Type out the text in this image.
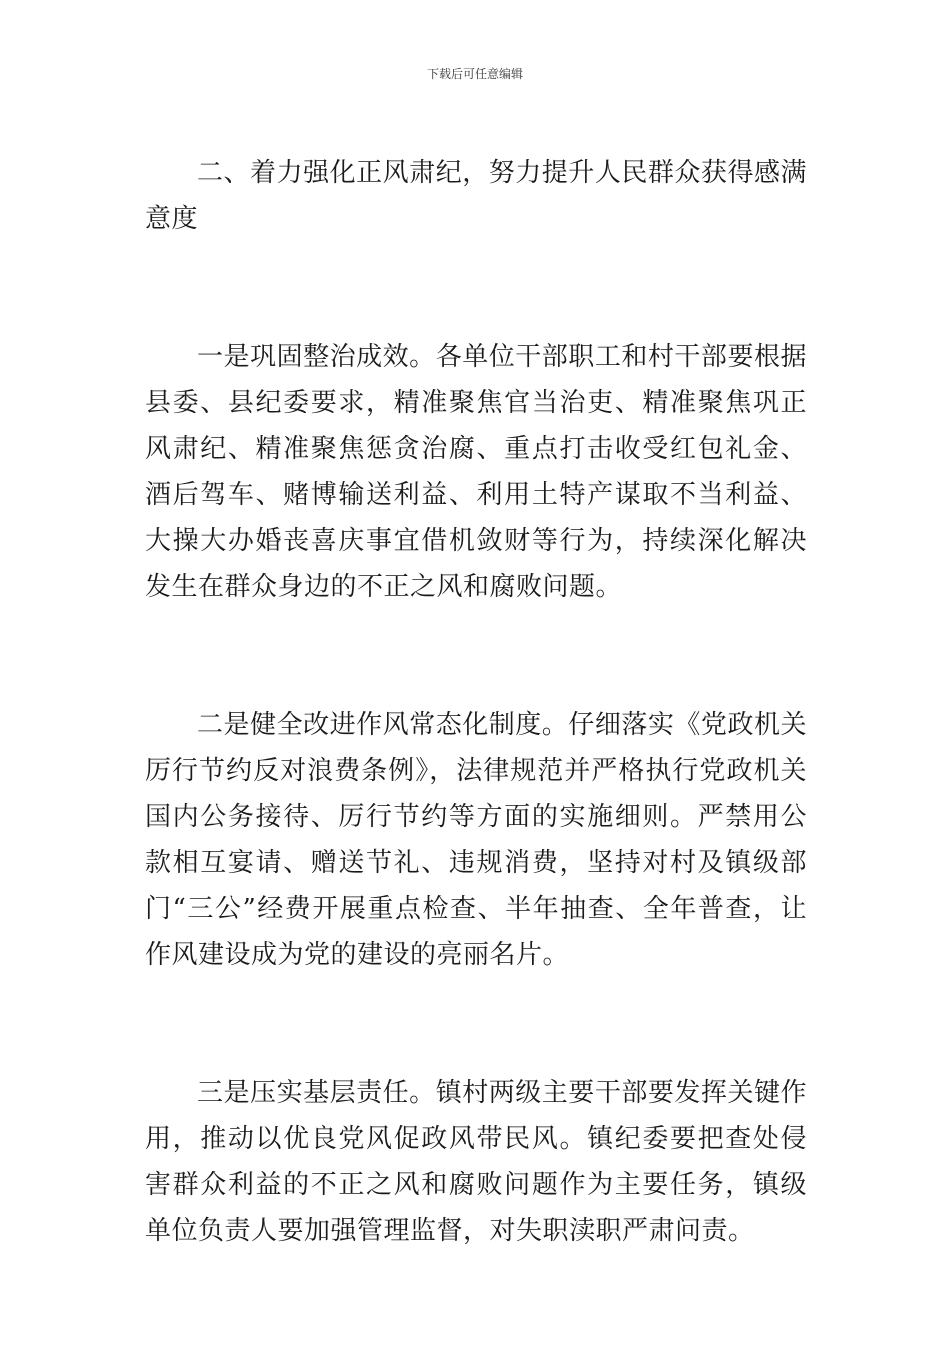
下载后可任意编辑

二、着力强化正风肃纪，努力提升人民群众获得感满意度

一是巩固整治成效。各单位干部职工和村干部要根据县委、县纪委要求，精准聚焦官当治吏、精准聚焦巩正风肃纪、精准聚焦惩贪治腐、重点打击收受红包礼金、酒后驾车、赌博输送利益、利用土特产谋取不当利益、大操大办婚丧喜庆事宜借机敛财等行为，持续深化解决发生在群众身边的不正之风和腐败问题。

二是健全改进作风常态化制度。仔细落实《党政机关厉行节约反对浪费条例》，法律规范并严格执行党政机关国内公务接待、厉行节约等方面的实施细则。严禁用公款相互宴请、赠送节礼、违规消费，坚持对村及镇级部门“三公”经费开展重点检查、半年抽查、全年普查，让作风建设成为党的建设的亮丽名片。

三是压实基层责任。镇村两级主要干部要发挥关键作用，推动以优良党风促政风带民风。镇纪委要把查处侵害群众利益的不正之风和腐败问题作为主要任务，镇级单位负责人要加强管理监督，对失职渎职严肃问责。
